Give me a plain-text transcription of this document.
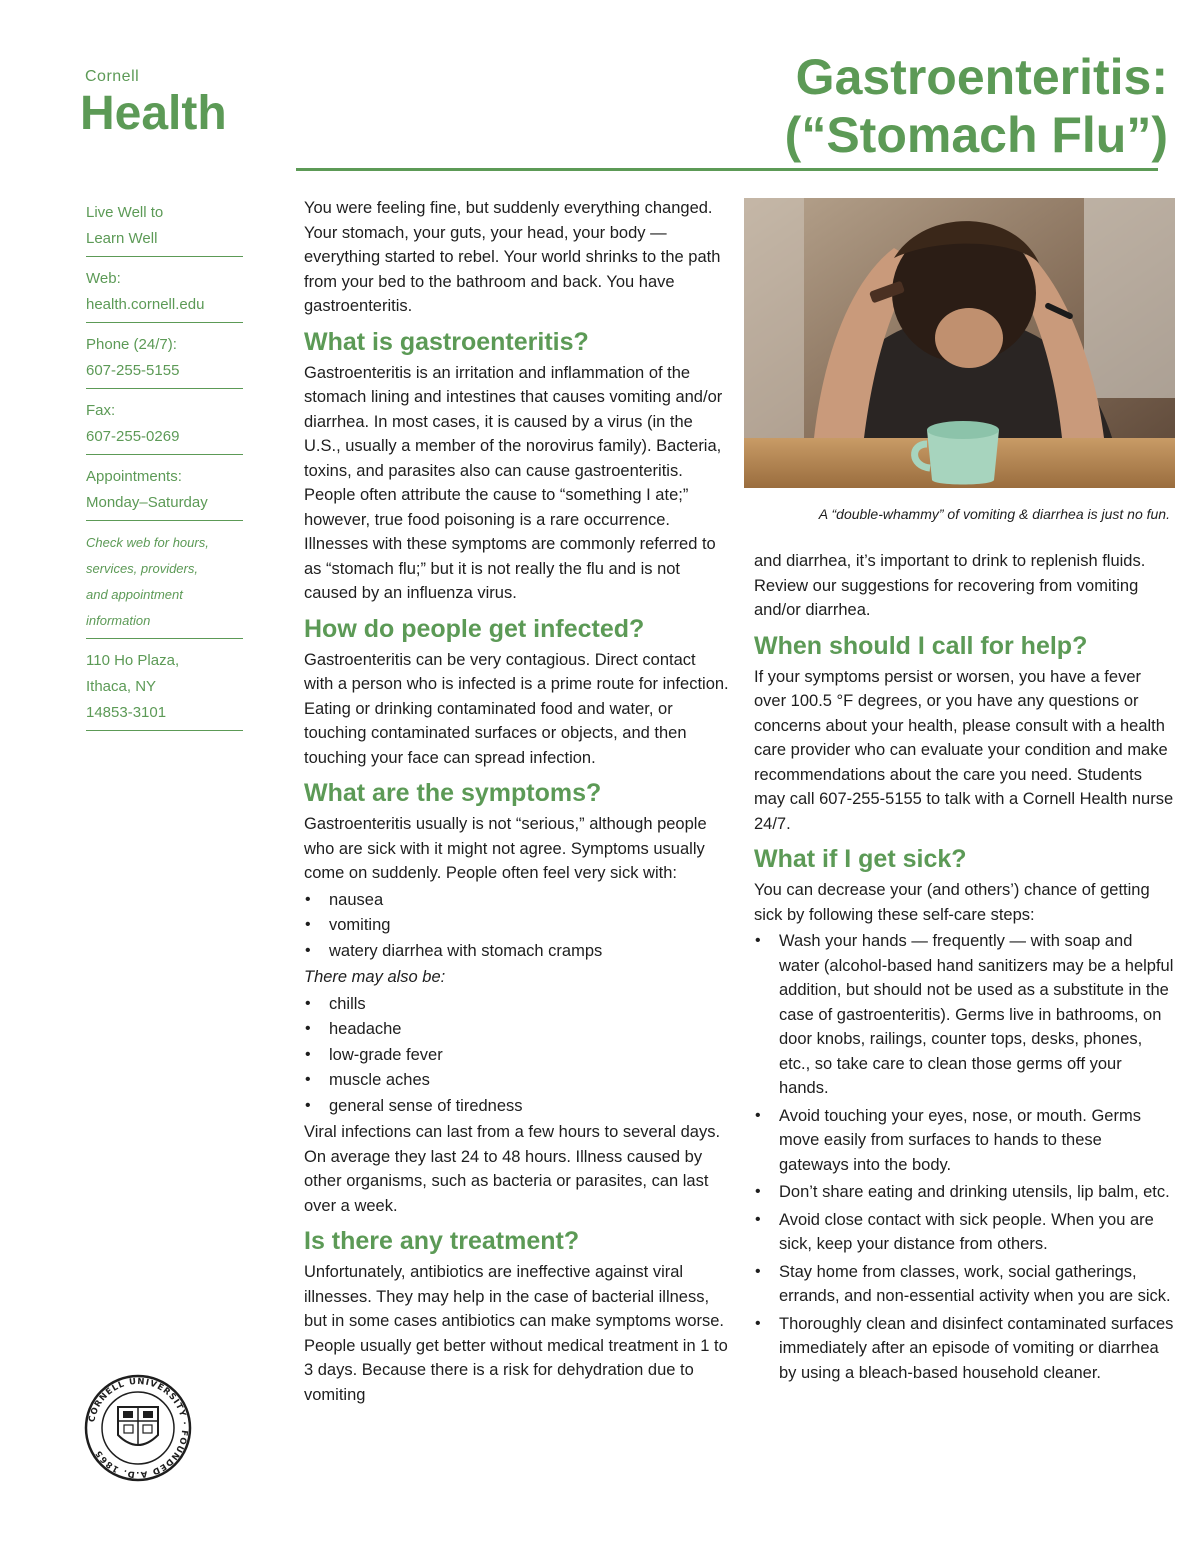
Cornell
Health
Gastroenteritis:
(“Stomach Flu”)
Live Well to
Learn Well
Web:
health.cornell.edu
Phone (24/7):
607-255-5155
Fax:
607-255-0269
Appointments:
Monday–Saturday
Check web for hours,
services, providers,
and appointment
information
110 Ho Plaza,
Ithaca, NY
14853-3101
CORNELL UNIVERSITY · FOUNDED A.D. 1865
A “double-whammy” of vomiting & diarrhea is just no fun.

You were feeling fine, but suddenly everything changed. Your stomach, your guts, your head, your body — everything started to rebel. Your world shrinks to the path from your bed to the bathroom and back. You have gastroenteritis.

What is gastroenteritis?

Gastroenteritis is an irritation and inflammation of the stomach lining and intestines that causes vomiting and/or diarrhea. In most cases, it is caused by a virus (in the U.S., usually a member of the norovirus family). Bacteria, toxins, and parasites also can cause gastroenteritis. People often attribute the cause to “something I ate;” however, true food poisoning is a rare occurrence. Illnesses with these symptoms are commonly referred to as “stomach flu;” but it is not really the flu and is not caused by an influenza virus.

How do people get infected?

Gastroenteritis can be very contagious. Direct contact with a person who is infected is a prime route for infection. Eating or drinking contaminated food and water, or touching contaminated surfaces or objects, and then touching your face can spread infection.

What are the symptoms?

Gastroenteritis usually is not “serious,” although people who are sick with it might not agree. Symptoms usually come on suddenly. People often feel very sick with:

• nausea
• vomiting
• watery diarrhea with stomach cramps

There may also be:

• chills
• headache
• low-grade fever
• muscle aches
• general sense of tiredness

Viral infections can last from a few hours to several days. On average they last 24 to 48 hours. Illness caused by other organisms, such as bacteria or parasites, can last over a week.

Is there any treatment?

Unfortunately, antibiotics are ineffective against viral illnesses. They may help in the case of bacterial illness, but in some cases antibiotics can make symptoms worse. People usually get better without medical treatment in 1 to 3 days. Because there is a risk for dehydration due to vomiting

and diarrhea, it’s important to drink to replenish fluids. Review our suggestions for recovering from vomiting and/or diarrhea.

When should I call for help?

If your symptoms persist or worsen, you have a fever over 100.5 °F degrees, or you have any questions or concerns about your health, please consult with a health care provider who can evaluate your condition and make recommendations about the care you need. Students may call 607-255-5155 to talk with a Cornell Health nurse 24/7.

What if I get sick?

You can decrease your (and others’) chance of getting sick by following these self-care steps:

• Wash your hands — frequently — with soap and water (alcohol-based hand sanitizers may be a helpful addition, but should not be used as a substitute in the case of gastroenteritis). Germs live in bathrooms, on door knobs, railings, counter tops, desks, phones, etc., so take care to clean those germs off your hands.
• Avoid touching your eyes, nose, or mouth. Germs move easily from surfaces to hands to these gateways into the body.
• Don’t share eating and drinking utensils, lip balm, etc.
• Avoid close contact with sick people. When you are sick, keep your distance from others.
• Stay home from classes, work, social gatherings, errands, and non-essential activity when you are sick.
• Thoroughly clean and disinfect contaminated surfaces immediately after an episode of vomiting or diarrhea by using a bleach-based household cleaner.
